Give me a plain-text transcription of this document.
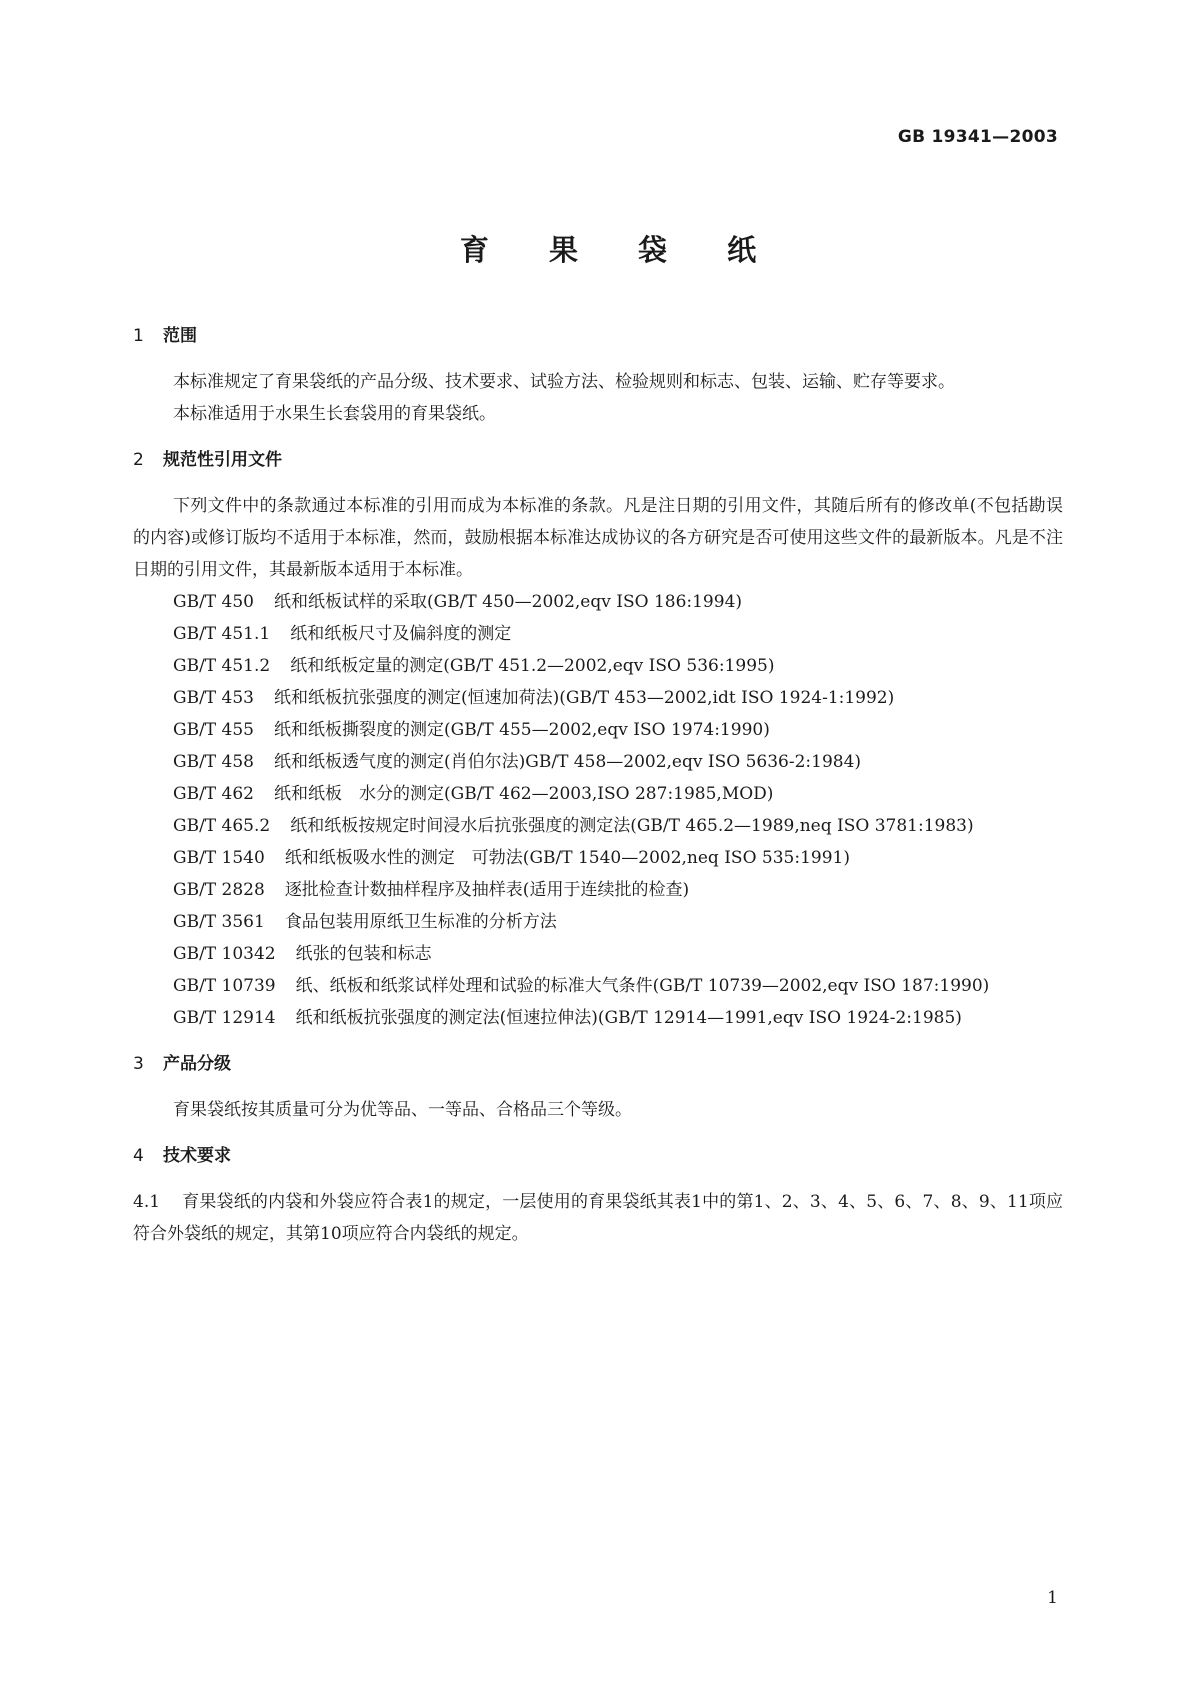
GB 19341—2003
育 果 袋 纸
1 范围

本标准规定了育果袋纸的产品分级、技术要求、试验方法、检验规则和标志、包装、运输、贮存等要求。

本标准适用于水果生长套袋用的育果袋纸。

2 规范性引用文件

下列文件中的条款通过本标准的引用而成为本标准的条款。凡是注日期的引用文件，其随后所有的修改单(不包括勘误的内容)或修订版均不适用于本标准，然而，鼓励根据本标准达成协议的各方研究是否可使用这些文件的最新版本。凡是不注日期的引用文件，其最新版本适用于本标准。

GB/T 450 纸和纸板试样的采取(GB/T 450—2002,eqv ISO 186:1994)

GB/T 451.1 纸和纸板尺寸及偏斜度的测定

GB/T 451.2 纸和纸板定量的测定(GB/T 451.2—2002,eqv ISO 536:1995)

GB/T 453 纸和纸板抗张强度的测定(恒速加荷法)(GB/T 453—2002,idt ISO 1924-1:1992)

GB/T 455 纸和纸板撕裂度的测定(GB/T 455—2002,eqv ISO 1974:1990)

GB/T 458 纸和纸板透气度的测定(肖伯尔法)GB/T 458—2002,eqv ISO 5636-2:1984)

GB/T 462 纸和纸板　水分的测定(GB/T 462—2003,ISO 287:1985,MOD)

GB/T 465.2 纸和纸板按规定时间浸水后抗张强度的测定法(GB/T 465.2—1989,neq ISO 3781:1983)

GB/T 1540 纸和纸板吸水性的测定　可勃法(GB/T 1540—2002,neq ISO 535:1991)

GB/T 2828 逐批检查计数抽样程序及抽样表(适用于连续批的检查)

GB/T 3561 食品包装用原纸卫生标准的分析方法

GB/T 10342 纸张的包装和标志

GB/T 10739 纸、纸板和纸浆试样处理和试验的标准大气条件(GB/T 10739—2002,eqv ISO 187:1990)

GB/T 12914 纸和纸板抗张强度的测定法(恒速拉伸法)(GB/T 12914—1991,eqv ISO 1924-2:1985)

3 产品分级

育果袋纸按其质量可分为优等品、一等品、合格品三个等级。

4 技术要求

4.1 育果袋纸的内袋和外袋应符合表1的规定，一层使用的育果袋纸其表1中的第1、2、3、4、5、6、7、8、9、11项应符合外袋纸的规定，其第10项应符合内袋纸的规定。

1
